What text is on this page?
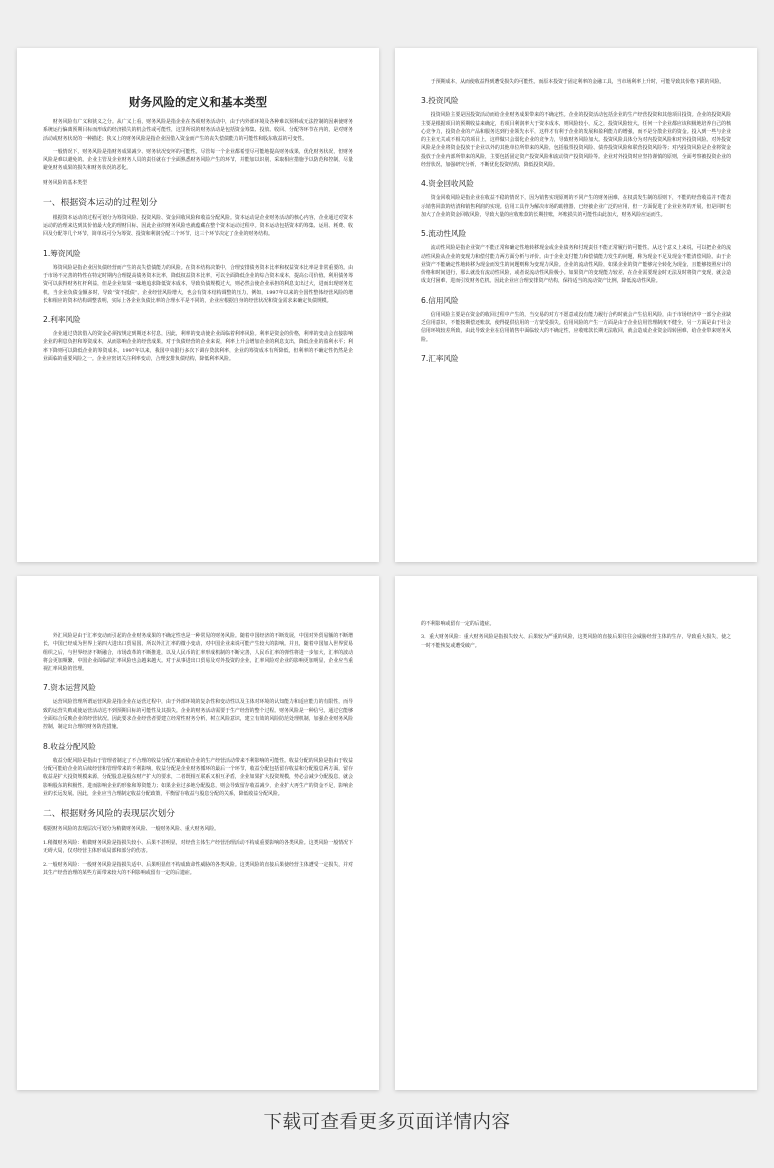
财务风险的定义和基本类型

财务风险有广义和狭义之分。从广义上看，财务风险是指企业在各项财务活动中，由于内外部环境及各种难以预料或无法控制的因素使财务系统运行偏离预期目标而形成的经济损失的机会性或可能性，这里所说的财务活动是包括资金筹集、投放、收回、分配等环节在内的，是对财务活动或财务状况的一种描述；狭义上的财务风险是指企业因借入资金而产生的丧失偿债能力的可能性和股东收益的可变性。

一般情况下，财务风险是指财务成果减少、财务状况变坏的可能性。尽管每一个企业都希望尽可能地提高财务成果，优化财务状况，但财务风险是难以避免的。企业主管及企业财务人员的责任就在于全面熟悉财务风险产生的环节，并能加以识别，采取相应措施予以防范和控制，尽量避免财务成果的损失和财务状况的恶化。

财务风险的基本类型
一、根据资本运动的过程划分

根据资本运动的过程可划分为筹资风险、投资风险、资金回收风险和收益分配风险。资本运动是企业财务活动的核心内容，企业通过对资本运动的治理来达到其价值最大化的理财目标，因此企业的财务风险也就蕴藏在整个资本运动过程中。资本运动包括资本的筹集、运用、耗费、收回及分配等几个环节，简单说可分为筹资、投资和利润分配三个环节，这三个环节决定了企业的财务结构。

1.筹资风险

筹资风险是指企业因负债经营而产生的丧失偿债能力的风险。在资本结构决策中，合理安排债务资本比率和权益资本比率是非常重要的。由于市场不完善的特性在特定时期内合理提高债务资本比率，降低权益资本比率，可以全面降低企业的综合资本成本，提高公司价值。利用债务筹资可以获得财务杠杆利益，但是企业如果一味地追求降低资本成本，导致负债规模过大，则必然会使企业承担的利息支出过大，进而出现财务危机，当企业负债金额多时，导致“资不抵债”，企业经营风险增大，也会有资本结构调整的压力，例如，1997年以来的全国性整体经营风险的增长和相应的资本结构调整表明，实际上各企业负债比率的合理水平是不同的，企业应根据自身的经营状况和资金需求来确定负债规模。

2.利率风险

企业通过贷款借入的资金必须按规定到期还本付息，因此，利率的变动使企业面临着利率风险。利率是资金的价格，利率的变动会直接影响企业的利息负担和筹资成本，从而影响企业的经营成果。对于负债经营的企业来说，利率上升会增加企业的利息支出，降低企业的盈利水平；利率下降则可以降低企业的筹资成本。1997年以来，我国中央银行多次下调存贷款利率，企业的筹资成本有所降低，但利率的不确定性仍然是企业面临的重要风险之一。企业应密切关注利率变动，合理安排负债结构，降低利率风险。

于预期成本，从而使收益得到遭受损失的可能性。而原本投资于固定利率的金融工具，当市场利率上升时，可能导致其价格下跌的风险。

3.投资风险

投资风险主要是因投资活动而给企业财务成果带来的不确定性。企业的投资活动包括企业的生产经营投资和其他项目投资。企业的投资风险主要是根据项目的预期收益来确定，若项目利润率大于资本成本，则风险较小，反之，投资风险较大。任何一个企业都应该积极地培养自己的核心竞争力，投资企业的产品和服务达到行业领先水平，这样才有利于企业的发展和盈利能力的增强，而不是分散企业的资金。投入到一些与企业的主业无关或不相关的项目上，这样做只会弱化企业的竞争力，导致财务风险加大。投资风险具体分为对内投资风险和对外投资风险。对外投资风险是企业将资金投放于企业以外的其他单位所带来的风险，包括股票投资风险、债券投资风险和联营投资风险等；对内投资风险是企业将资金投放于企业内部所带来的风险，主要包括固定资产投资风险和流动资产投资风险等。企业对外投资时应坚持谨慎的原则，全面考察被投资企业的经营状况，加强研究分析，不断优化投资结构，降低投资风险。

4.资金回收风险

资金回收风险是指企业在收益不稳的情况下，因为销售实现原则的不同产生的财务困难，在权责发生制的原则下，不能的经营收益并不能表示销售回款的结清和销售利润的实现。信用工具作为解决市场的助推器，已经被企业广泛的应用，但一方面促进了企业业务的开展，但是同时也加大了企业的资金回收风险，导致大量的应收账款的长期挂账，坏账损失的可能性由此加大，财务风险应运而生。

5.流动性风险

流动性风险是指企业资产不能正常和确定性地转移现金或企业债务和付现责任不能正常履行的可能性。从这个意义上来说，可以把企业的流动性风险从企业的变现力和偿付能力两方面分析与评价。由于企业支付能力和偿债能力发生的问题，称为现金不足及现金不能清偿风险。由于企业资产不能确定性地转移为现金而发生的问题则称为变现力风险。企业的流动性风险，如果企业的资产能够完全转化为现金，且能够按照应计的价格和时间进行，那么就没有流动性风险，或者说流动性风险极小。如果资产的变现能力较差，在企业需要现金时无法及时将资产变现，就会造成支付困难，进而引发财务危机。因此企业应合理安排资产结构，保持适当的流动资产比例，降低流动性风险。

6.信用风险

信用风险主要是在资金的收回过程中产生的，当交易的对方不愿意或没有能力履行合约时就会产生信用风险，由于市场经济中一部分企业缺乏信用意识，不能按期偿还账款，使得提供信用的一方蒙受损失。信用风险的产生一方面是由于企业信用管理制度不健全，另一方面是由于社会信用环境较差所致，由此导致企业在信用销售中面临较大的不确定性，应收账款长期无法收回，就会造成企业资金周转困难，给企业带来财务风险。

7.汇率风险

外汇风险是由于汇率变动而引起的企业财务成果的不确定性也是一种常见的财务风险。随着中国经济的不断发展，中国对外贸易额的不断增长，中国已经成为世界上第四大进出口贸易国，所以外汇汇率的微小变动，对中国企业来说可能产生较大的影响。并且，随着中国加入世界贸易组织之后，与世界经济不断融合，市场改革的不断推进，以及人民币的汇率形成机制的不断完善，人民币汇率的弹性将进一步加大，汇率的波动将会更加频繁，中国企业面临的汇率风险也会越来越大。对于从事进出口贸易及对外投资的企业，汇率风险对企业的影响更加明显，企业应当重视汇率风险的管理。

7.资本运营风险

运营风险管理所谓运营风险是指企业在运营过程中，由于外部环境的复杂性和变动性以及主体对环境的认知能力和适应能力的有限性，而导致的运营失败或使运营活动达不到预期目标的可能性及其损失。企业的财务活动需要于生产经营的整个过程。财务风险是一种信号。通过它能够全面综合反映企业的经营状况。因此要求企业经营者要建立经常性财务分析，树立风险意识，建立有效的风险防范处理机制，加强企业财务风险控制，制定出合理的财务防范措施。

8.收益分配风险

收益分配风险是指由于管理者制定了不合理的收益分配方案而给企业的生产经营活动带来不利影响的可能性。收益分配的风险是指由于收益分配可能给企业的后续经营和管理带来的不利影响，收益分配是企业财务循环的最后一个环节，收益分配包括留存收益和分配股息两方面，留存收益是扩大投资规模来源，分配股息是股东财产扩大的要求，二者既相互联系又相互矛盾，企业如果扩大投资规模，势必会减少分配股息，就会影响股东的积极性，进而影响企业的形象和筹资能力；如果企业过多地分配股息，则会导致留存收益减少，企业扩大再生产的资金不足，影响企业的长远发展。因此，企业应当合理制定收益分配政策，平衡留存收益与股息分配的关系，降低收益分配风险。

二、根据财务风险的表现层次划分
根据财务风险的表现层次可划分为稍微财务风险、一般财务风险、重大财务风险。

1.稍微财务风险：稍微财务风险是指损失较小、后果不甚明显，对经营主体生产经营治理活动不构成重要影响的各类风险。这类风险一般情况下无碍大局，仅对经营主体形成局部和部分的伤害。

2.一般财务风险：一般财务风险是指损失适中、后果明显但不构成致命性威胁的各类风险。这类风险的直接后果使经营主体遭受一定损失，并对其生产经营治理的某些方面带来较大的不利影响或留有一定的后遗症。

的不利影响或留有一定的后遗症。

3．重大财务风险：重大财务风险是指损失较大、后果较为严重的风险，这类风险的直接后果往往会威胁经营主体的生存，导致重大损失，使之一时不能恢复或遭受破产。

下载可查看更多页面详情内容
